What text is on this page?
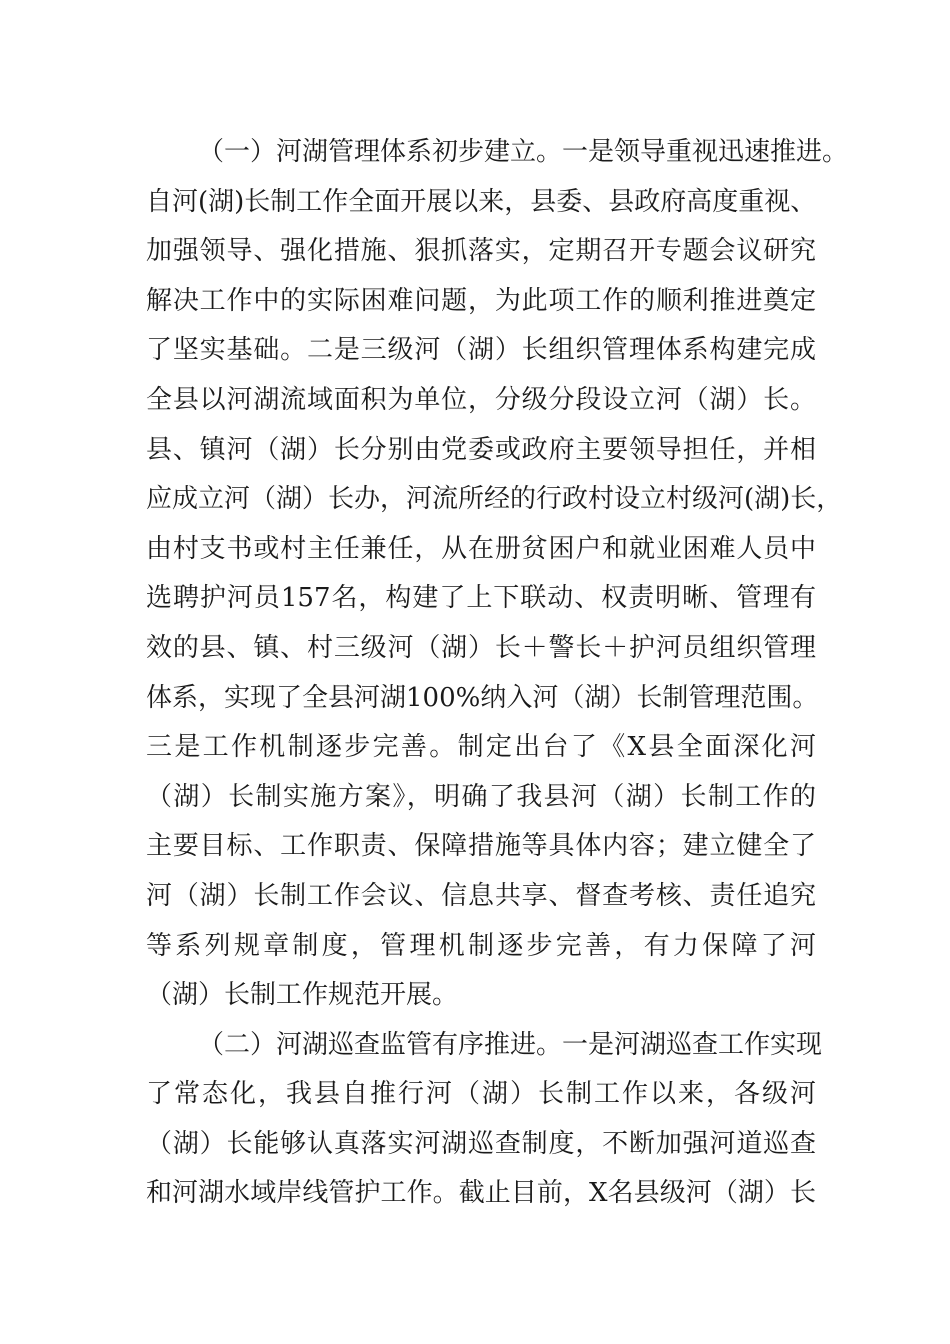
（一）河湖管理体系初步建立。一是领导重视迅速推进。
自河(湖)长制工作全面开展以来，县委、县政府高度重视、
加强领导、强化措施、狠抓落实，定期召开专题会议研究
解决工作中的实际困难问题，为此项工作的顺利推进奠定
了坚实基础。二是三级河（湖）长组织管理体系构建完成
全县以河湖流域面积为单位，分级分段设立河（湖）长。
县、镇河（湖）长分别由党委或政府主要领导担任，并相
应成立河（湖）长办，河流所经的行政村设立村级河(湖)长，
由村支书或村主任兼任，从在册贫困户和就业困难人员中
选聘护河员157名，构建了上下联动、权责明晰、管理有
效的县、镇、村三级河（湖）长＋警长＋护河员组织管理
体系，实现了全县河湖100%纳入河（湖）长制管理范围。
三是工作机制逐步完善。制定出台了《X县全面深化河
（湖）长制实施方案》，明确了我县河（湖）长制工作的
主要目标、工作职责、保障措施等具体内容；建立健全了
河（湖）长制工作会议、信息共享、督查考核、责任追究
等系列规章制度，管理机制逐步完善，有力保障了河
（湖）长制工作规范开展。
（二）河湖巡查监管有序推进。一是河湖巡查工作实现
了常态化，我县自推行河（湖）长制工作以来，各级河
（湖）长能够认真落实河湖巡查制度，不断加强河道巡查
和河湖水域岸线管护工作。截止目前，X名县级河（湖）长
